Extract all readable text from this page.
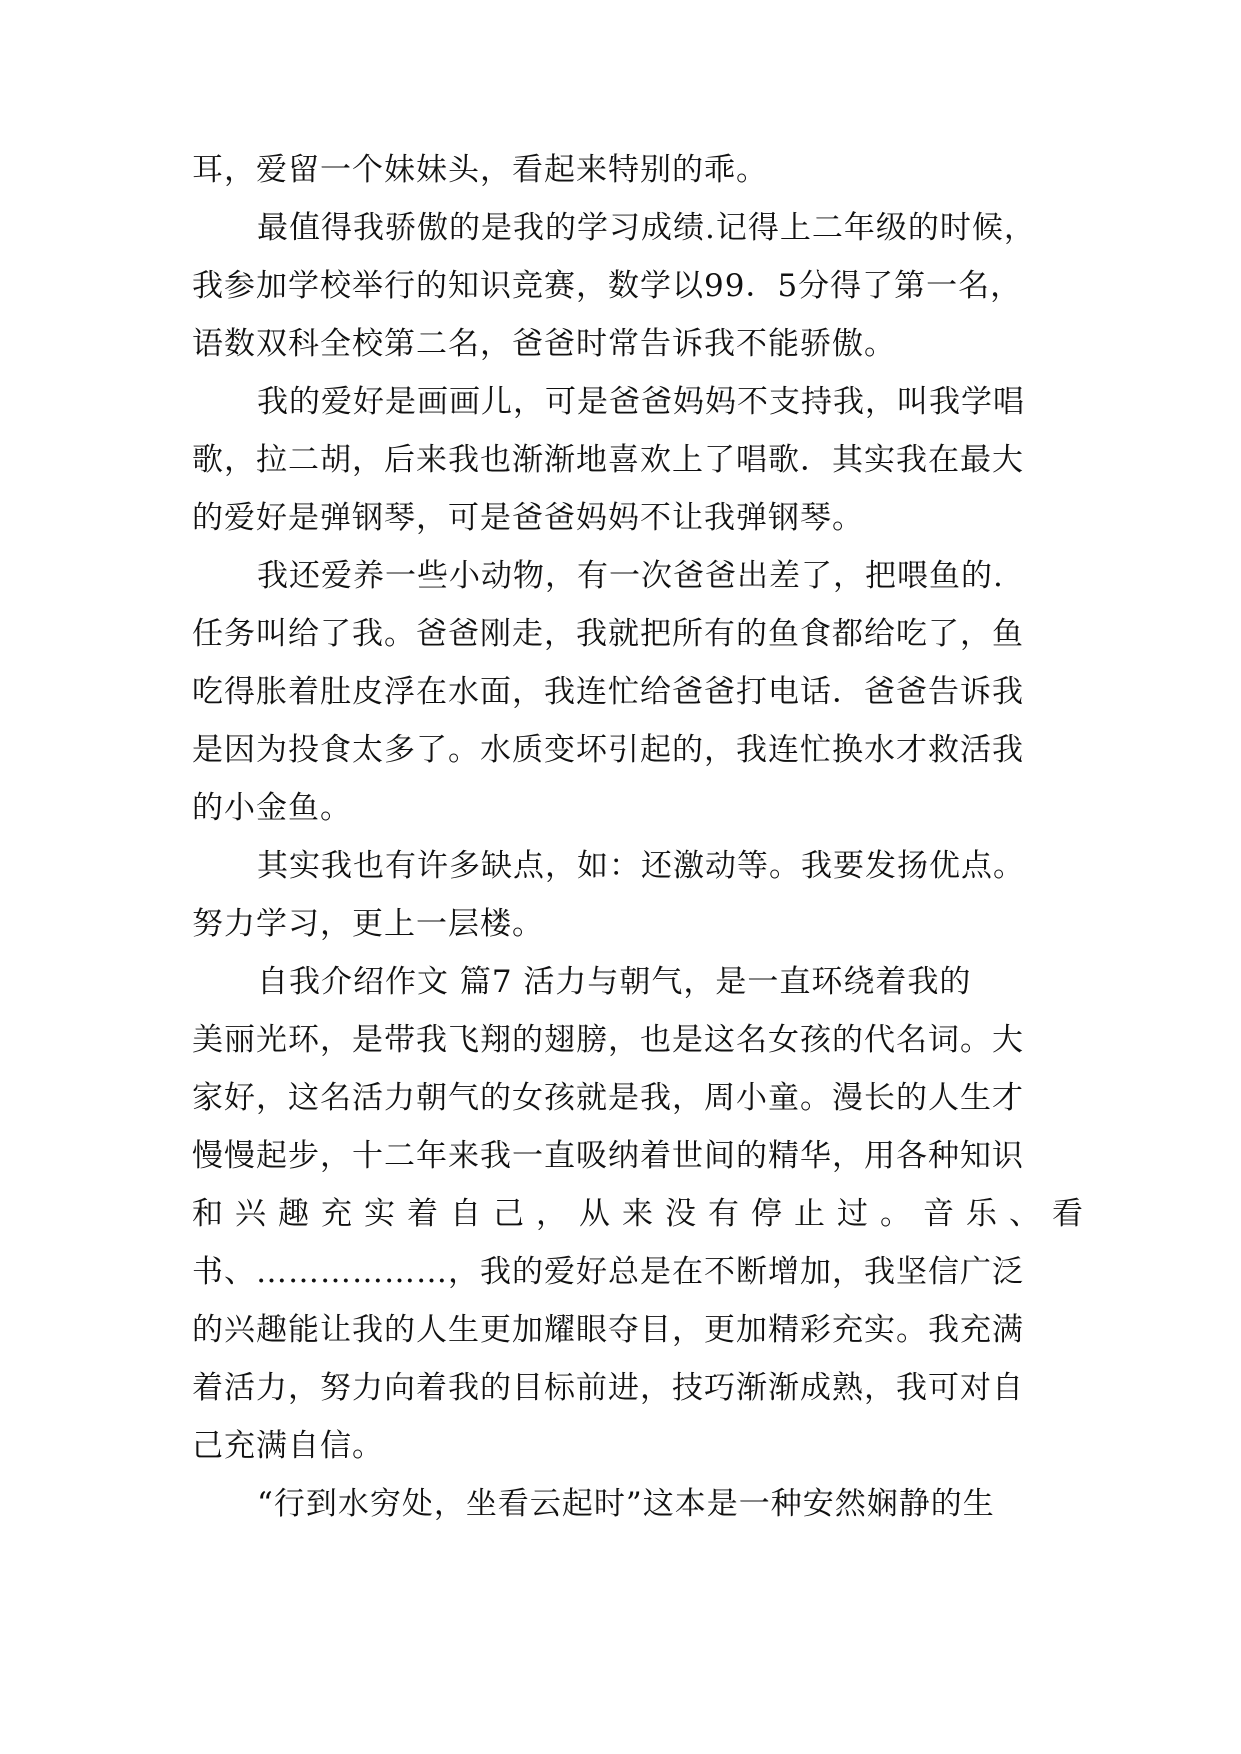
耳，爱留一个妹妹头，看起来特别的乖。
最值得我骄傲的是我的学习成绩.记得上二年级的时候，
我参加学校举行的知识竞赛，数学以99．5分得了第一名，
语数双科全校第二名，爸爸时常告诉我不能骄傲。
我的爱好是画画儿，可是爸爸妈妈不支持我，叫我学唱
歌，拉二胡，后来我也渐渐地喜欢上了唱歌．其实我在最大
的爱好是弹钢琴，可是爸爸妈妈不让我弹钢琴。
我还爱养一些小动物，有一次爸爸出差了，把喂鱼的.
任务叫给了我。爸爸刚走，我就把所有的鱼食都给吃了，鱼
吃得胀着肚皮浮在水面，我连忙给爸爸打电话．爸爸告诉我
是因为投食太多了。水质变坏引起的，我连忙换水才救活我
的小金鱼。
其实我也有许多缺点，如：还激动等。我要发扬优点。
努力学习，更上一层楼。
自我介绍作文 篇7 活力与朝气，是一直环绕着我的
美丽光环，是带我飞翔的翅膀，也是这名女孩的代名词。大
家好，这名活力朝气的女孩就是我，周小童。漫长的人生才
慢慢起步，十二年来我一直吸纳着世间的精华，用各种知识
和兴趣充实着自己，从来没有停止过。音乐、看
书、………………，我的爱好总是在不断增加，我坚信广泛
的兴趣能让我的人生更加耀眼夺目，更加精彩充实。我充满
着活力，努力向着我的目标前进，技巧渐渐成熟，我可对自
己充满自信。
“行到水穷处，坐看云起时”这本是一种安然娴静的生
